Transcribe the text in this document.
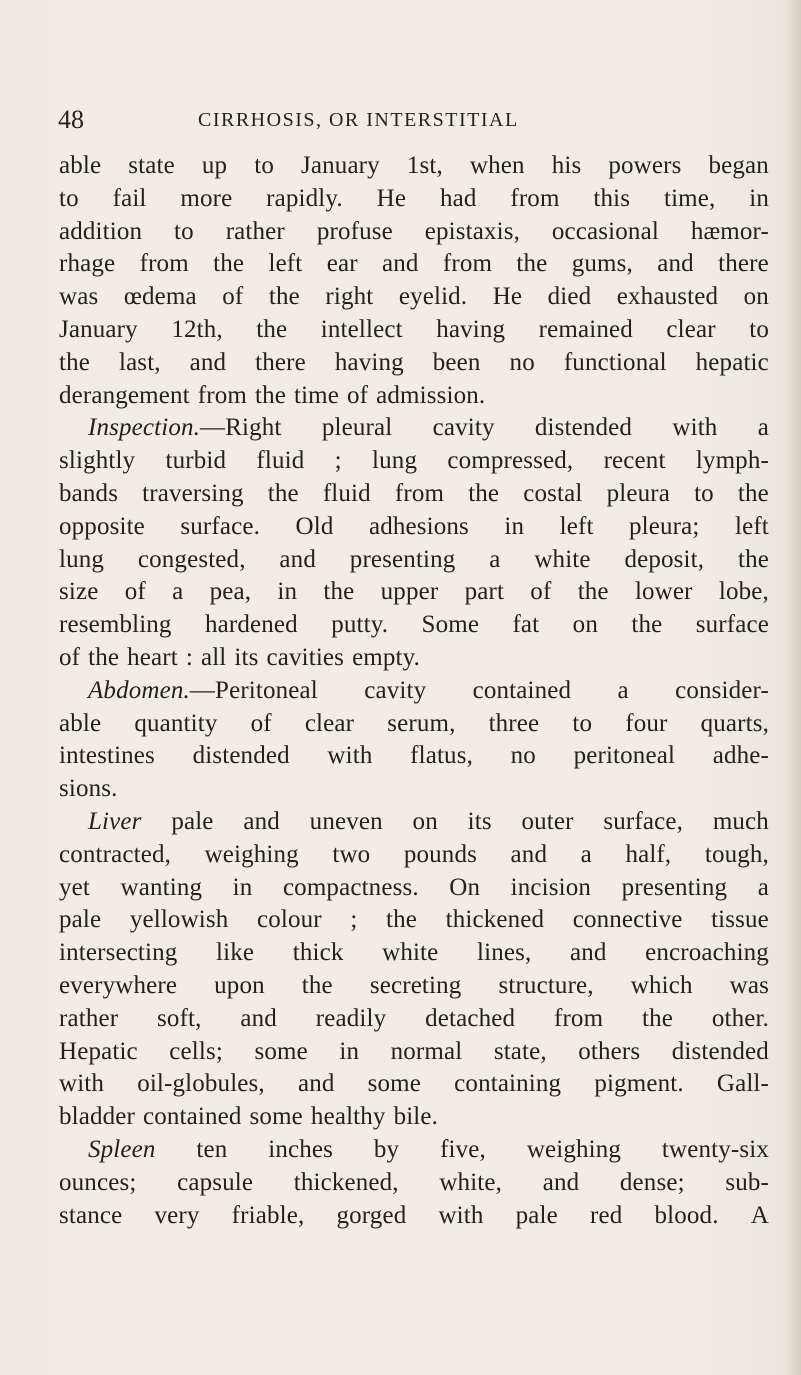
48	CIRRHOSIS, OR INTERSTITIAL
able state up to January 1st, when his powers began
to fail more rapidly. He had from this time, in
addition to rather profuse epistaxis, occasional hæmor-
rhage from the left ear and from the gums, and there
was œdema of the right eyelid. He died exhausted on
January 12th, the intellect having remained clear to
the last, and there having been no functional hepatic
derangement from the time of admission.
Inspection.—Right pleural cavity distended with a
slightly turbid fluid ; lung compressed, recent lymph-
bands traversing the fluid from the costal pleura to the
opposite surface. Old adhesions in left pleura; left
lung congested, and presenting a white deposit, the
size of a pea, in the upper part of the lower lobe,
resembling hardened putty. Some fat on the surface
of the heart : all its cavities empty.
Abdomen.—Peritoneal cavity contained a consider-
able quantity of clear serum, three to four quarts,
intestines distended with flatus, no peritoneal adhe-
sions.
Liver pale and uneven on its outer surface, much
contracted, weighing two pounds and a half, tough,
yet wanting in compactness. On incision presenting a
pale yellowish colour ; the thickened connective tissue
intersecting like thick white lines, and encroaching
everywhere upon the secreting structure, which was
rather soft, and readily detached from the other.
Hepatic cells; some in normal state, others distended
with oil-globules, and some containing pigment. Gall-
bladder contained some healthy bile.
Spleen ten inches by five, weighing twenty-six
ounces; capsule thickened, white, and dense; sub-
stance very friable, gorged with pale red blood. A
